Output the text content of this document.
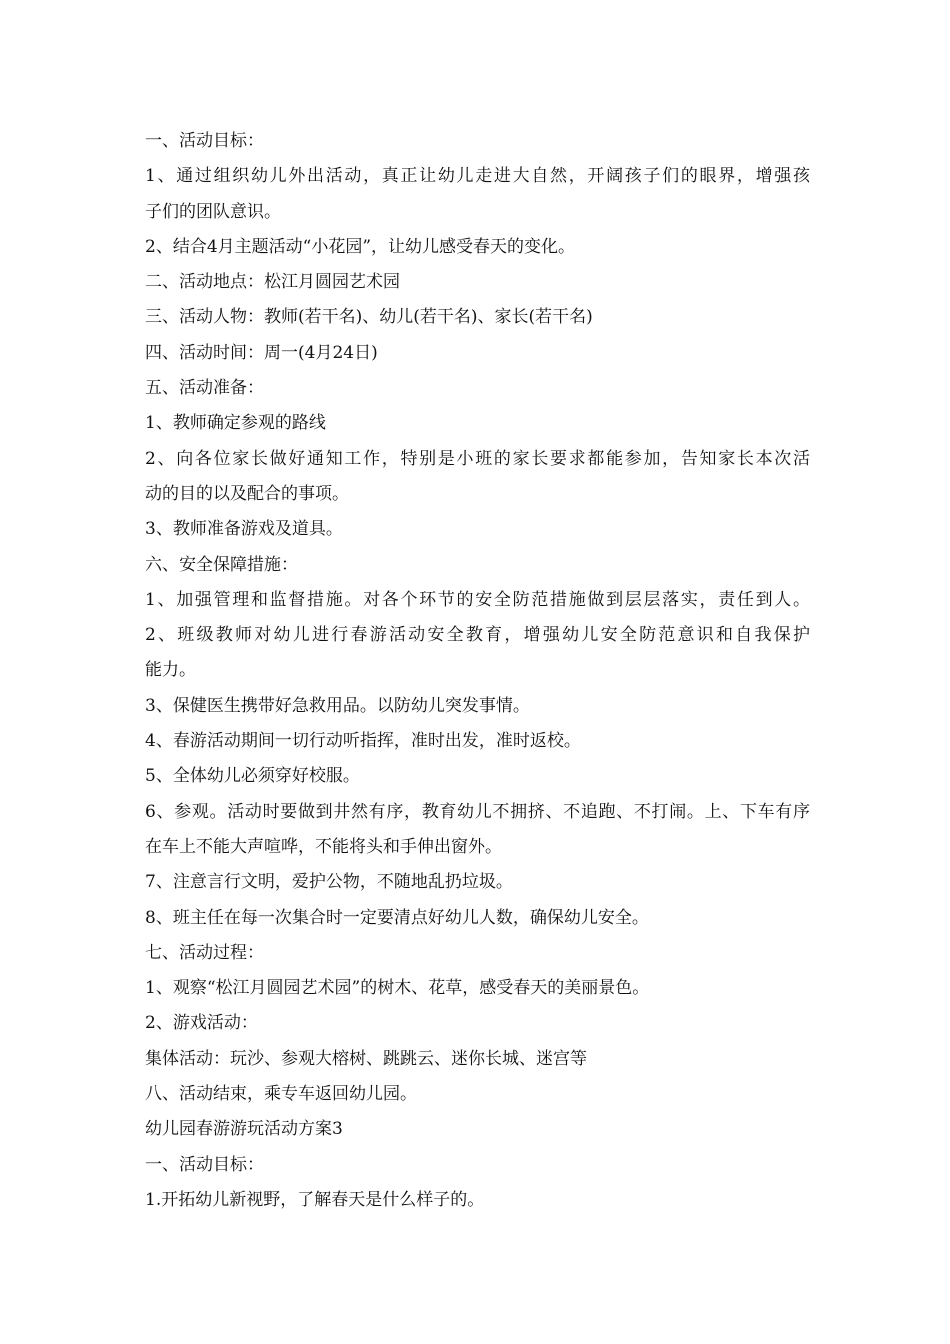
一、活动目标：
1、通过组织幼儿外出活动，真正让幼儿走进大自然，开阔孩子们的眼界，增强孩
子们的团队意识。
2、结合4月主题活动“小花园”，让幼儿感受春天的变化。
二、活动地点：松江月圆园艺术园
三、活动人物：教师(若干名)、幼儿(若干名)、家长(若干名)
四、活动时间：周一(4月24日)
五、活动准备：
1、教师确定参观的路线
2、向各位家长做好通知工作，特别是小班的家长要求都能参加，告知家长本次活
动的目的以及配合的事项。
3、教师准备游戏及道具。
六、安全保障措施：
1、加强管理和监督措施。对各个环节的安全防范措施做到层层落实，责任到人。
2、班级教师对幼儿进行春游活动安全教育，增强幼儿安全防范意识和自我保护
能力。
3、保健医生携带好急救用品。以防幼儿突发事情。
4、春游活动期间一切行动听指挥，准时出发，准时返校。
5、全体幼儿必须穿好校服。
6、参观。活动时要做到井然有序，教育幼儿不拥挤、不追跑、不打闹。上、下车有序
在车上不能大声喧哗，不能将头和手伸出窗外。
7、注意言行文明，爱护公物，不随地乱扔垃圾。
8、班主任在每一次集合时一定要清点好幼儿人数，确保幼儿安全。
七、活动过程：
1、观察“松江月圆园艺术园”的树木、花草，感受春天的美丽景色。
2、游戏活动：
集体活动：玩沙、参观大榕树、跳跳云、迷你长城、迷宫等
八、活动结束，乘专车返回幼儿园。
幼儿园春游游玩活动方案3
一、活动目标：
1.开拓幼儿新视野，了解春天是什么样子的。
